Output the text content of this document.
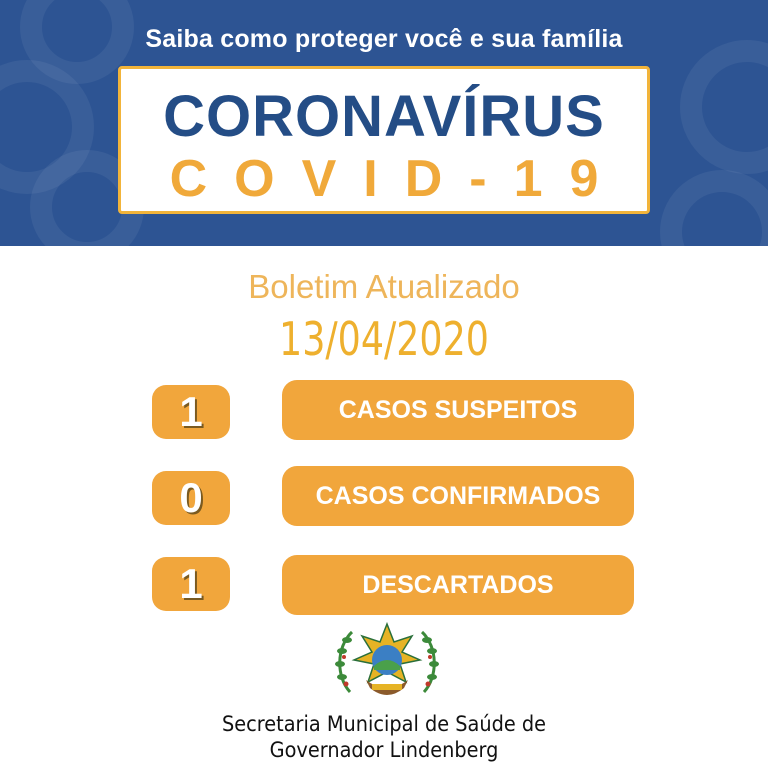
Saiba como proteger você e sua família
CORONAVÍRUS
COVID-19
Boletim Atualizado
13/04/2020
1	CASOS SUSPEITOS
0	CASOS CONFIRMADOS
1	DESCARTADOS
Secretaria Municipal de Saúde de
Governador Lindenberg
